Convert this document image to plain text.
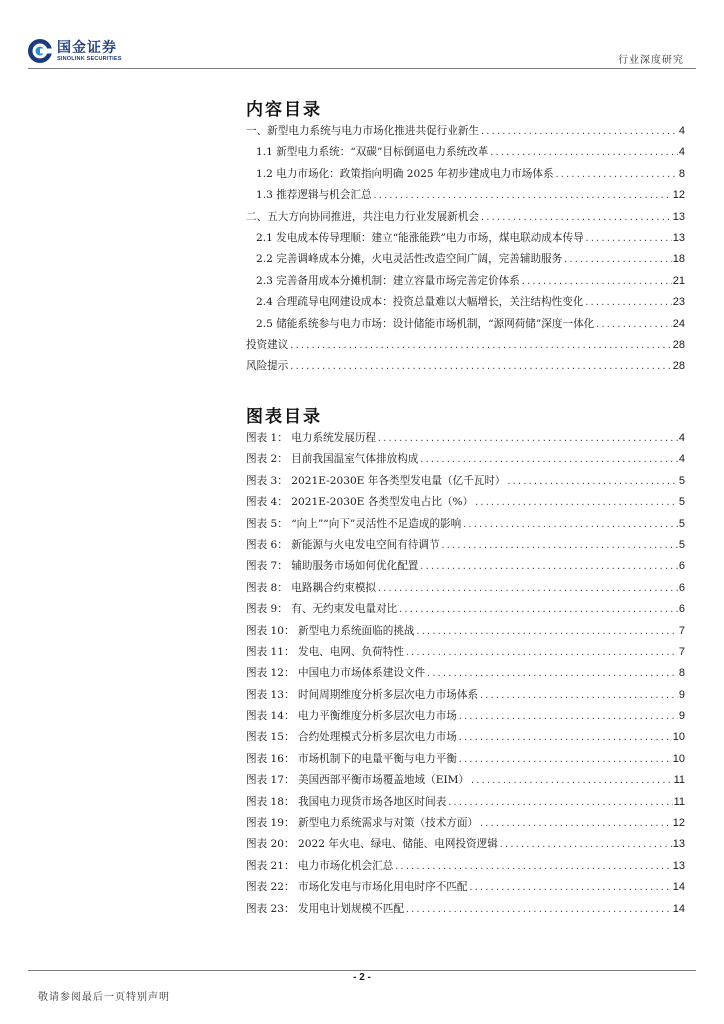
国金证券
SINOLINK SECURITIES	行业深度研究
内容目录
一、新型电力系统与电力市场化推进共促行业新生 .....	4
1.1 新型电力系统：“双碳”目标倒逼电力系统改革 .....	4
1.2 电力市场化：政策指向明确 2025 年初步建成电力市场体系 .....	8
1.3 推荐逻辑与机会汇总 .....	12
二、五大方向协同推进，共注电力行业发展新机会 .....	13
2.1 发电成本传导理顺：建立“能涨能跌”电力市场，煤电联动成本传导 .....	13
2.2 完善调峰成本分摊，火电灵活性改造空间广阔，完善辅助服务 .....	18
2.3 完善备用成本分摊机制：建立容量市场完善定价体系 .....	21
2.4 合理疏导电网建设成本：投资总量难以大幅增长，关注结构性变化 .....	23
2.5 储能系统参与电力市场：设计储能市场机制，“源网荷储”深度一体化 .....	24
投资建议 .....	28
风险提示 .....	28
图表目录
图表 1： 电力系统发展历程 .....	4
图表 2： 目前我国温室气体排放构成 .....	4
图表 3： 2021E-2030E 年各类型发电量（亿千瓦时） .....	5
图表 4： 2021E-2030E 各类型发电占比（%） .....	5
图表 5： “向上”“向下”灵活性不足造成的影响 .....	5
图表 6： 新能源与火电发电空间有待调节 .....	5
图表 7： 辅助服务市场如何优化配置 .....	6
图表 8： 电路耦合约束模拟 .....	6
图表 9： 有、无约束发电量对比 .....	6
图表 10： 新型电力系统面临的挑战 .....	7
图表 11： 发电、电网、负荷特性 .....	7
图表 12： 中国电力市场体系建设文件 .....	8
图表 13： 时间周期维度分析多层次电力市场体系 .....	9
图表 14： 电力平衡维度分析多层次电力市场 .....	9
图表 15： 合约处理模式分析多层次电力市场 .....	10
图表 16： 市场机制下的电量平衡与电力平衡 .....	10
图表 17： 美国西部平衡市场覆盖地域（EIM） .....	11
图表 18： 我国电力现货市场各地区时间表 .....	11
图表 19： 新型电力系统需求与对策（技术方面） .....	12
图表 20： 2022 年火电、绿电、储能、电网投资逻辑 .....	13
图表 21： 电力市场化机会汇总 .....	13
图表 22： 市场化发电与市场化用电时序不匹配 .....	14
图表 23： 发用电计划规模不匹配 .....	14
- 2 -
敬请参阅最后一页特别声明
